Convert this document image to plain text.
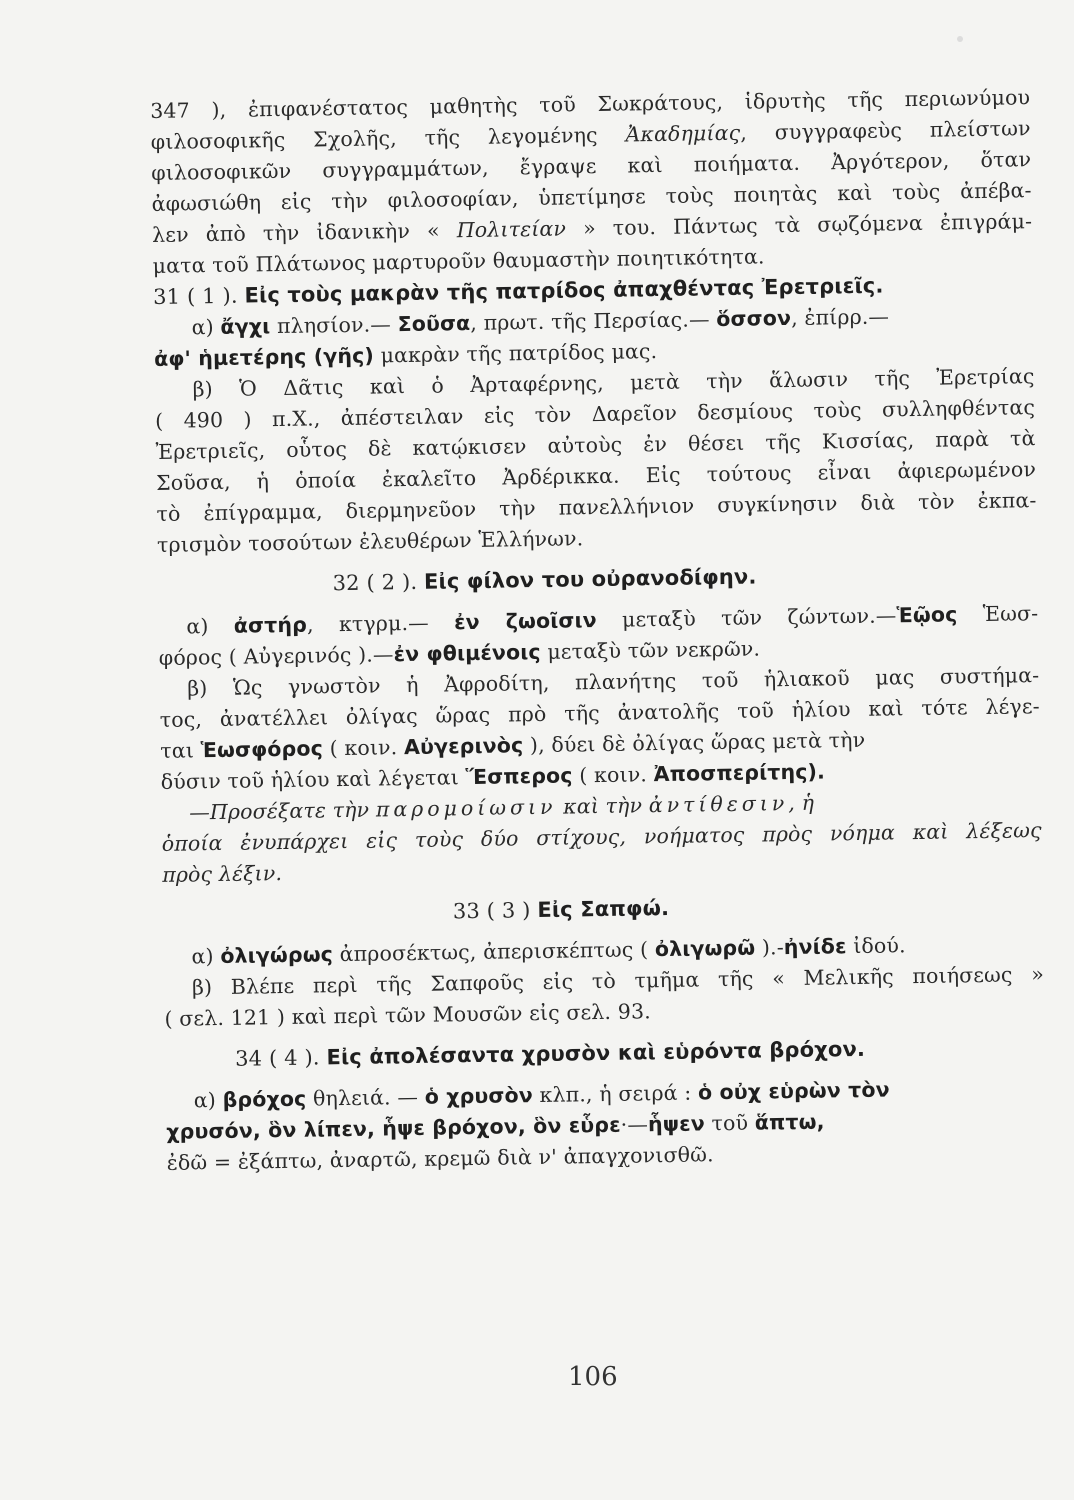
347 ), ἐπιφανέστατος μαθητὴς τοῦ Σωκράτους, ἱδρυτὴς τῆς περιωνύμου
φιλοσοφικῆς Σχολῆς, τῆς λεγομένης Ἀκαδημίας, συγγραφεὺς πλείστων
φιλοσοφικῶν συγγραμμάτων, ἔγραψε καὶ ποιήματα. Ἀργότερον, ὅταν
ἀφωσιώθη εἰς τὴν φιλοσοφίαν, ὑπετίμησε τοὺς ποιητὰς καὶ τοὺς ἀπέβα-
λεν ἀπὸ τὴν ἰδανικὴν « Πολιτείαν » του. Πάντως τὰ σῳζόμενα ἐπιγράμ-
ματα τοῦ Πλάτωνος μαρτυροῦν θαυμαστὴν ποιητικότητα.
31 ( 1 ). Εἰς τοὺς μακρὰν τῆς πατρίδος ἀπαχθέντας Ἐρετριεῖς.
α) ἄγχι πλησίον.— Σοῦσα, πρωτ. τῆς Περσίας.— ὅσσον, ἐπίρρ.—
ἀφ' ἡμετέρης (γῆς) μακρὰν τῆς πατρίδος μας.
β) Ὁ Δᾶτις καὶ ὁ Ἀρταφέρνης, μετὰ τὴν ἅλωσιν τῆς Ἐρετρίας
( 490 ) π.Χ., ἀπέστειλαν εἰς τὸν Δαρεῖον δεσμίους τοὺς συλληφθέντας
Ἐρετριεῖς, οὗτος δὲ κατῴκισεν αὐτοὺς ἐν θέσει τῆς Κισσίας, παρὰ τὰ
Σοῦσα, ἡ ὁποία ἐκαλεῖτο Ἀρδέρικκα. Εἰς τούτους εἶναι ἀφιερωμένον
τὸ ἐπίγραμμα, διερμηνεῦον τὴν πανελλήνιον συγκίνησιν διὰ τὸν ἐκπα-
τρισμὸν τοσούτων ἐλευθέρων Ἑλλήνων.
32 ( 2 ). Εἰς φίλον του οὐρανοδίφην.
α) ἀστήρ, κτγρμ.— ἐν ζωοῖσιν μεταξὺ τῶν ζώντων.—Ἑῷος Ἑωσ-
φόρος ( Αὐγερινός ).—ἐν φθιμένοις μεταξὺ τῶν νεκρῶν.
β) Ὡς γνωστὸν ἡ Ἀφροδίτη, πλανήτης τοῦ ἡλιακοῦ μας συστήμα-
τος, ἀνατέλλει ὀλίγας ὥρας πρὸ τῆς ἀνατολῆς τοῦ ἡλίου καὶ τότε λέγε-
ται Ἑωσφόρος ( κοιν. Αὐγερινὸς ), δύει δὲ ὀλίγας ὥρας μετὰ τὴν
δύσιν τοῦ ἡλίου καὶ λέγεται Ἕσπερος ( κοιν. Ἀποσπερίτης).
—Προσέξατε τὴν παρομοίωσιν καὶ τὴν ἀντίθεσιν, ἡ
ὁποία ἐνυπάρχει εἰς τοὺς δύο στίχους, νοήματος πρὸς νόημα καὶ λέξεως
πρὸς λέξιν.
33 ( 3 ) Εἰς Σαπφώ.
α) ὀλιγώρως ἀπροσέκτως, ἀπερισκέπτως ( ὀλιγωρῶ ).-ἠνίδε ἰδού.
β) Βλέπε περὶ τῆς Σαπφοῦς εἰς τὸ τμῆμα τῆς « Μελικῆς ποιήσεως »
( σελ. 121 ) καὶ περὶ τῶν Μουσῶν εἰς σελ. 93.
34 ( 4 ). Εἰς ἀπολέσαντα χρυσὸν καὶ εὑρόντα βρόχον.
α) βρόχος θηλειά. — ὁ χρυσὸν κλπ., ἡ σειρά : ὁ οὐχ εὑρὼν τὸν
χρυσόν, ὃν λίπεν, ἧψε βρόχον, ὃν εὗρε·—ἧψεν τοῦ ἅπτω,
ἐδῶ = ἐξάπτω, ἀναρτῶ, κρεμῶ διὰ ν' ἀπαγχονισθῶ.
106
